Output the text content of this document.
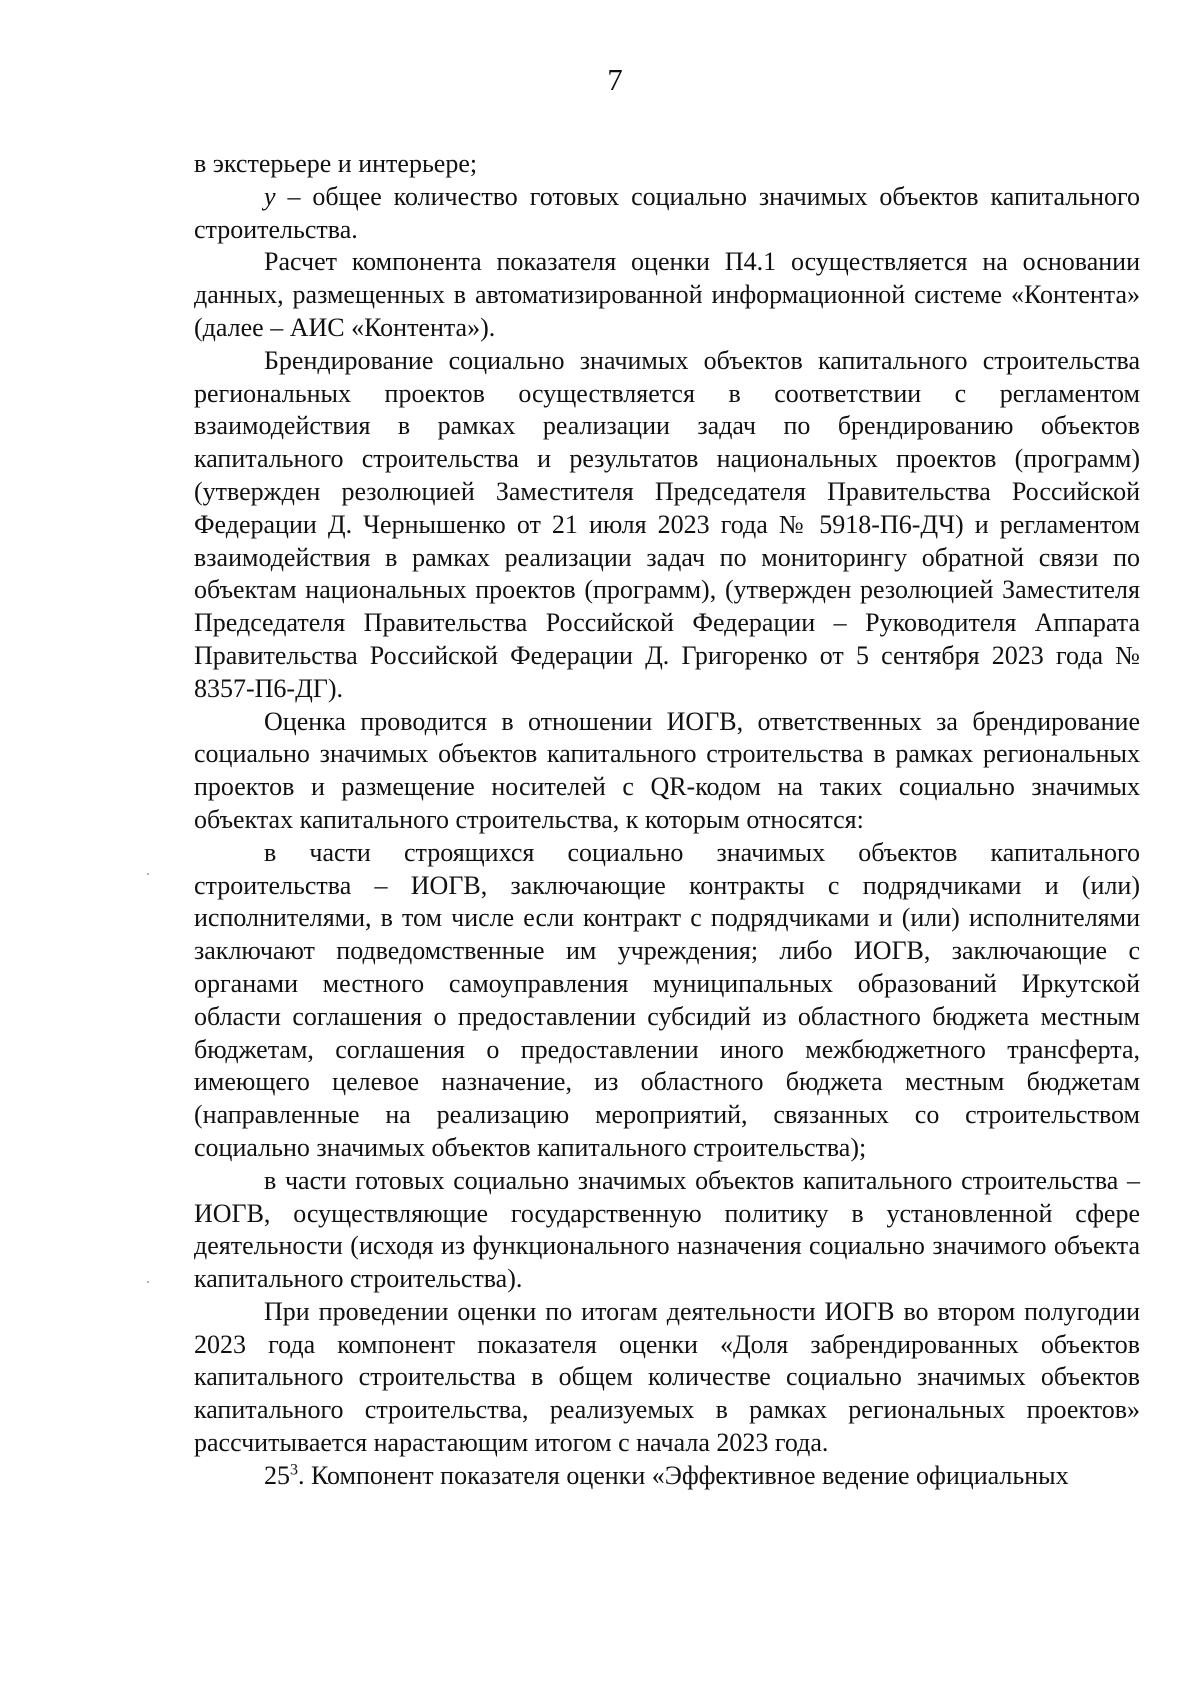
7

в экстерьере и интерьере;

y – общее количество готовых социально значимых объектов капитального строительства.

Расчет компонента показателя оценки П4.1 осуществляется на основании данных, размещенных в автоматизированной информационной системе «Контента» (далее – АИС «Контента»).

Брендирование социально значимых объектов капитального строительства региональных проектов осуществляется в соответствии с регламентом взаимодействия в рамках реализации задач по брендированию объектов капитального строительства и результатов национальных проектов (программ) (утвержден резолюцией Заместителя Председателя Правительства Российской Федерации Д. Чернышенко от 21 июля 2023 года № 5918-П6-ДЧ) и регламентом взаимодействия в рамках реализации задач по мониторингу обратной связи по объектам национальных проектов (программ), (утвержден резолюцией Заместителя Председателя Правительства Российской Федерации – Руководителя Аппарата Правительства Российской Федерации Д. Григоренко от 5 сентября 2023 года № 8357-П6-ДГ).

Оценка проводится в отношении ИОГВ, ответственных за брендирование социально значимых объектов капитального строительства в рамках региональных проектов и размещение носителей с QR-кодом на таких социально значимых объектах капитального строительства, к которым относятся:

в части строящихся социально значимых объектов капитального строительства – ИОГВ, заключающие контракты с подрядчиками и (или) исполнителями, в том числе если контракт с подрядчиками и (или) исполнителями заключают подведомственные им учреждения; либо ИОГВ, заключающие с органами местного самоуправления муниципальных образований Иркутской области соглашения о предоставлении субсидий из областного бюджета местным бюджетам, соглашения о предоставлении иного межбюджетного трансферта, имеющего целевое назначение, из областного бюджета местным бюджетам (направленные на реализацию мероприятий, связанных со строительством социально значимых объектов капитального строительства);

в части готовых социально значимых объектов капитального строительства – ИОГВ, осуществляющие государственную политику в установленной сфере деятельности (исходя из функционального назначения социально значимого объекта капитального строительства).

При проведении оценки по итогам деятельности ИОГВ во втором полугодии 2023 года компонент показателя оценки «Доля забрендированных объектов капитального строительства в общем количестве социально значимых объектов капитального строительства, реализуемых в рамках региональных проектов» рассчитывается нарастающим итогом с начала 2023 года.

$25^3$. Компонент показателя оценки «Эффективное ведение официальных
